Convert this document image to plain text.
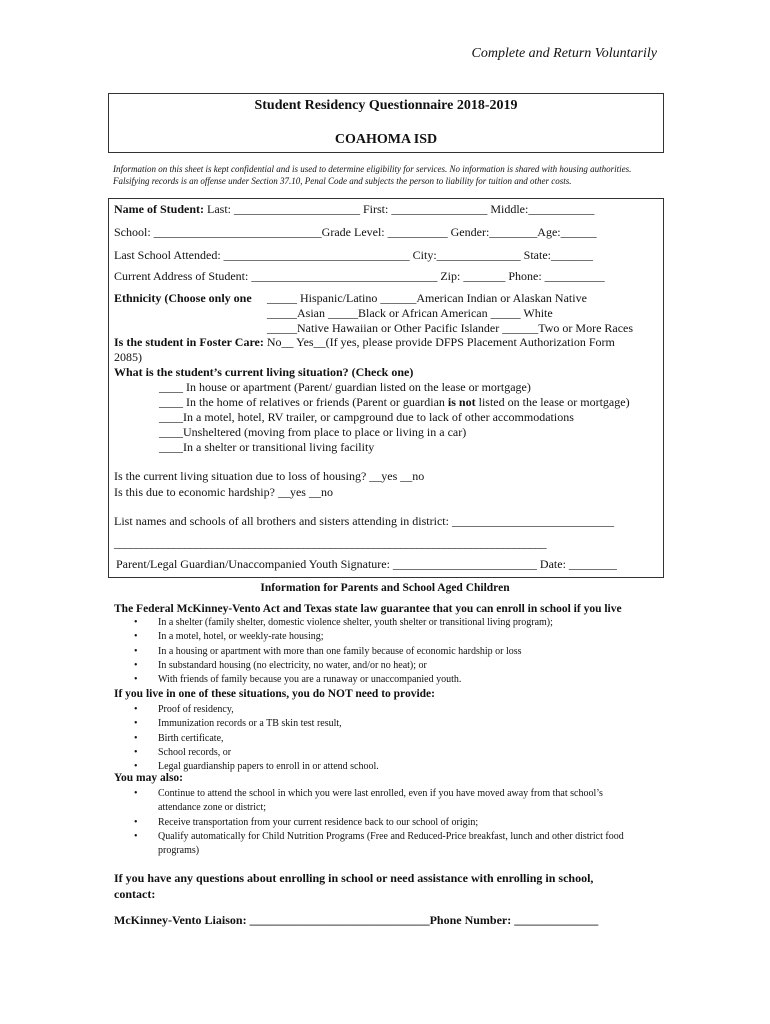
Complete and Return Voluntarily
Student Residency Questionnaire 2018-2019
COAHOMA ISD
Information on this sheet is kept confidential and is used to determine eligibility for services. No information is shared with housing authorities. Falsifying records is an offense under Section 37.10, Penal Code and subjects the person to liability for tuition and other costs.
Name of Student: Last: _____________________ First: ________________ Middle:___________
School: ____________________________Grade Level: __________ Gender:________Age:______
Last School Attended: _______________________________ City:______________ State:_______
Current Address of Student: _______________________________ Zip: _______ Phone: __________
Ethnicity (Choose only one _____ Hispanic/Latino ______American Indian or Alaskan Native
_____Asian _____Black or African American _____ White
_____Native Hawaiian or Other Pacific Islander ______Two or More Races
Is the student in Foster Care: No__ Yes__(If yes, please provide DFPS Placement Authorization Form
2085)
What is the student’s current living situation? (Check one)
____ In house or apartment (Parent/ guardian listed on the lease or mortgage)
____ In the home of relatives or friends (Parent or guardian is not listed on the lease or mortgage)
____In a motel, hotel, RV trailer, or campground due to lack of other accommodations
____Unsheltered (moving from place to place or living in a car)
____In a shelter or transitional living facility
Is the current living situation due to loss of housing? __yes __no
Is this due to economic hardship? __yes __no
List names and schools of all brothers and sisters attending in district: ___________________________
________________________________________________________________________________
Parent/Legal Guardian/Unaccompanied Youth Signature: ________________________ Date: ________
Information for Parents and School Aged Children
The Federal McKinney-Vento Act and Texas state law guarantee that you can enroll in school if you live
• In a shelter (family shelter, domestic violence shelter, youth shelter or transitional living program);
• In a motel, hotel, or weekly-rate housing;
• In a housing or apartment with more than one family because of economic hardship or loss
• In substandard housing (no electricity, no water, and/or no heat); or
• With friends of family because you are a runaway or unaccompanied youth.
If you live in one of these situations, you do NOT need to provide:
• Proof of residency,
• Immunization records or a TB skin test result,
• Birth certificate,
• School records, or
• Legal guardianship papers to enroll in or attend school.
You may also:
• Continue to attend the school in which you were last enrolled, even if you have moved away from that school’s attendance zone or district;
• Receive transportation from your current residence back to our school of origin;
• Qualify automatically for Child Nutrition Programs (Free and Reduced-Price breakfast, lunch and other district food programs)
If you have any questions about enrolling in school or need assistance with enrolling in school, contact:
McKinney-Vento Liaison: ______________________________Phone Number: ______________
